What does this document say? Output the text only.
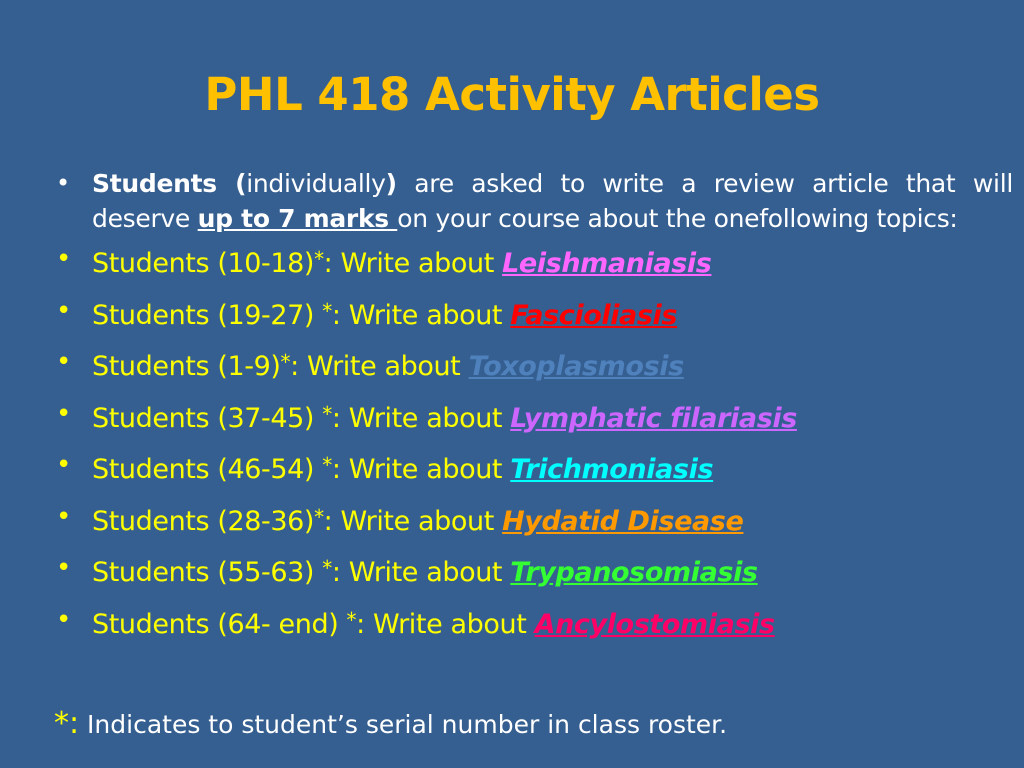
PHL 418 Activity Articles
• Students (individually) are asked to write a review article that will deserve up to 7 marks on your course about the onefollowing topics:
• Students (10-18)*: Write about Leishmaniasis
• Students (19-27) *: Write about Fascioliasis
• Students (1-9)*: Write about Toxoplasmosis
• Students (37-45) *: Write about Lymphatic filariasis
• Students (46-54) *: Write about Trichmoniasis
• Students (28-36)*: Write about Hydatid Disease
• Students (55-63) *: Write about Trypanosomiasis
• Students (64- end) *: Write about Ancylostomiasis
*: Indicates to student’s serial number in class roster.
